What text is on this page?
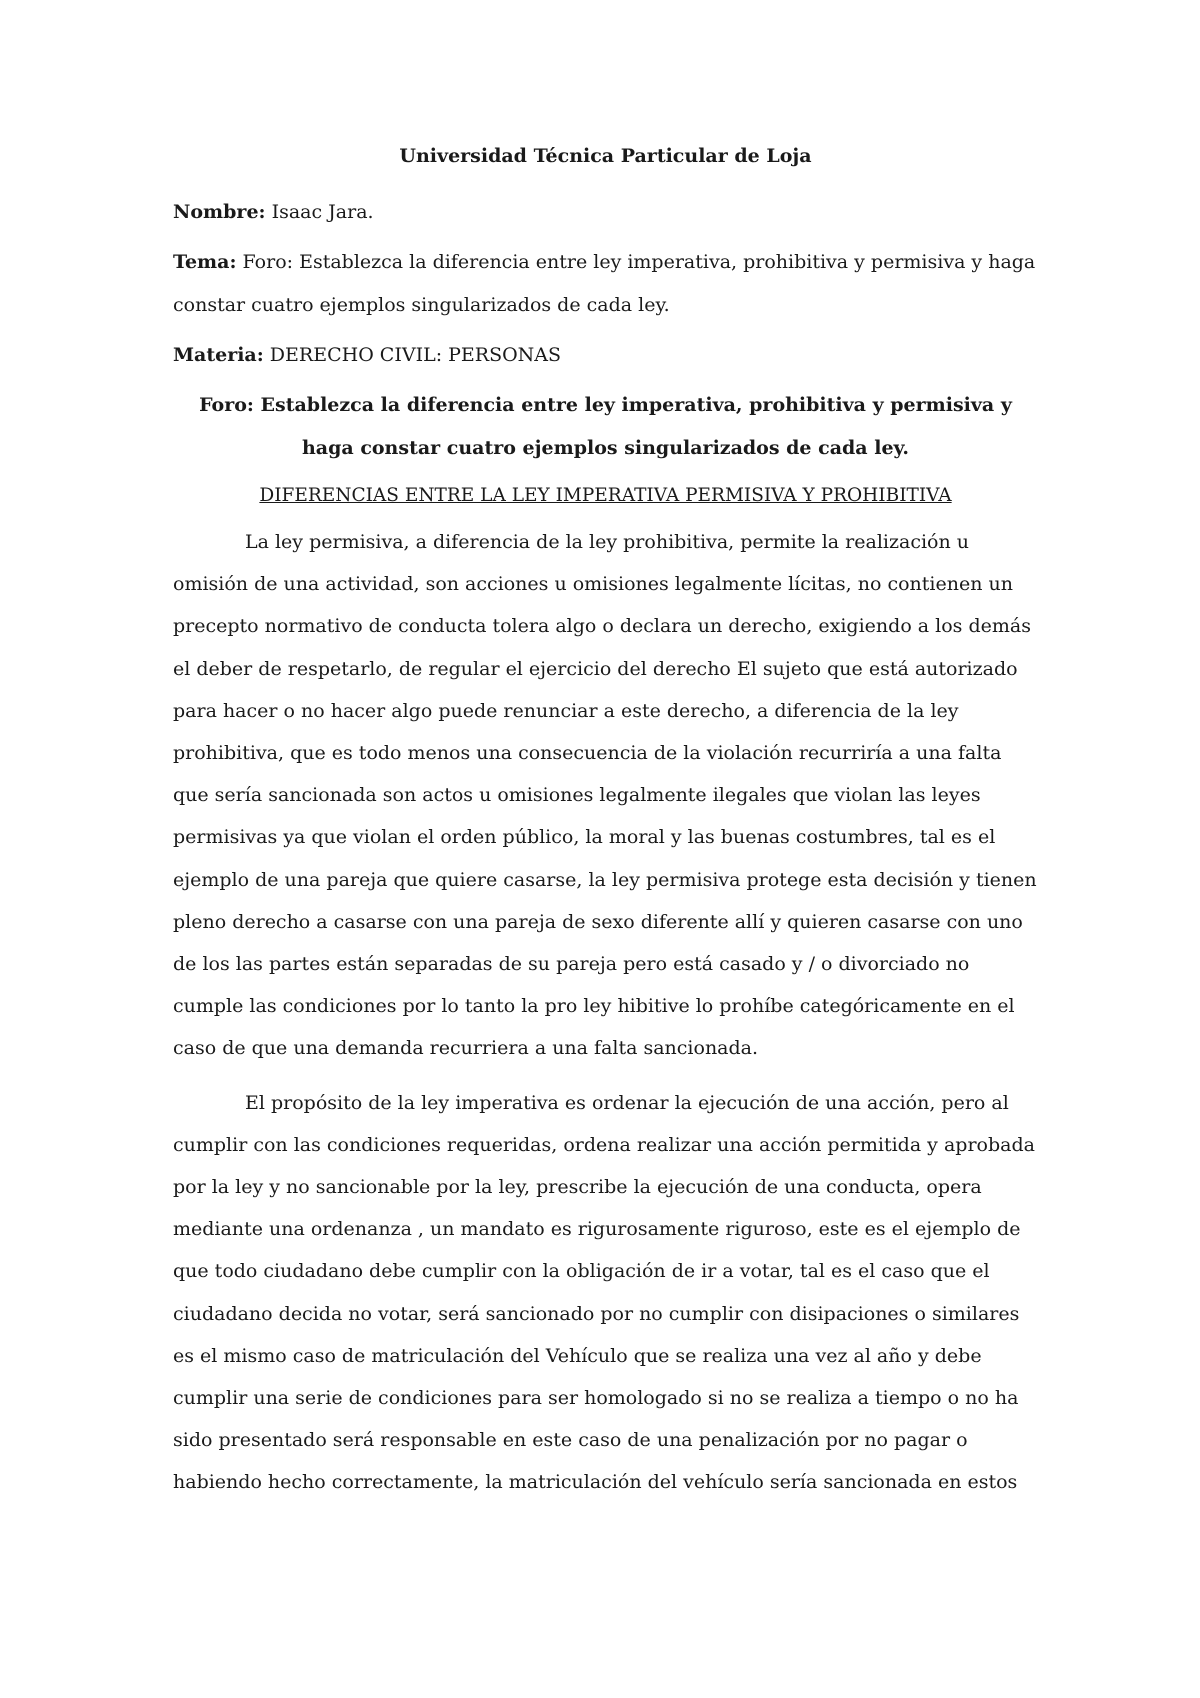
Universidad Técnica Particular de Loja

Nombre: Isaac Jara.

Tema: Foro: Establezca la diferencia entre ley imperativa, prohibitiva y permisiva y haga constar cuatro ejemplos singularizados de cada ley.

Materia: DERECHO CIVIL: PERSONAS

Foro: Establezca la diferencia entre ley imperativa, prohibitiva y permisiva y haga constar cuatro ejemplos singularizados de cada ley.

DIFERENCIAS ENTRE LA LEY IMPERATIVA PERMISIVA Y PROHIBITIVA

La ley permisiva, a diferencia de la ley prohibitiva, permite la realización u omisión de una actividad, son acciones u omisiones legalmente lícitas, no contienen un precepto normativo de conducta tolera algo o declara un derecho, exigiendo a los demás el deber de respetarlo, de regular el ejercicio del derecho El sujeto que está autorizado para hacer o no hacer algo puede renunciar a este derecho, a diferencia de la ley prohibitiva, que es todo menos una consecuencia de la violación recurriría a una falta que sería sancionada son actos u omisiones legalmente ilegales que violan las leyes permisivas ya que violan el orden público, la moral y las buenas costumbres, tal es el ejemplo de una pareja que quiere casarse, la ley permisiva protege esta decisión y tienen pleno derecho a casarse con una pareja de sexo diferente allí y quieren casarse con uno de los las partes están separadas de su pareja pero está casado y / o divorciado no cumple las condiciones por lo tanto la pro ley hibitive lo prohíbe categóricamente en el caso de que una demanda recurriera a una falta sancionada.

El propósito de la ley imperativa es ordenar la ejecución de una acción, pero al cumplir con las condiciones requeridas, ordena realizar una acción permitida y aprobada por la ley y no sancionable por la ley, prescribe la ejecución de una conducta, opera mediante una ordenanza , un mandato es rigurosamente riguroso, este es el ejemplo de que todo ciudadano debe cumplir con la obligación de ir a votar, tal es el caso que el ciudadano decida no votar, será sancionado por no cumplir con disipaciones o similares es el mismo caso de matriculación del Vehículo que se realiza una vez al año y debe cumplir una serie de condiciones para ser homologado si no se realiza a tiempo o no ha sido presentado será responsable en este caso de una penalización por no pagar o habiendo hecho correctamente, la matriculación del vehículo sería sancionada en estos
